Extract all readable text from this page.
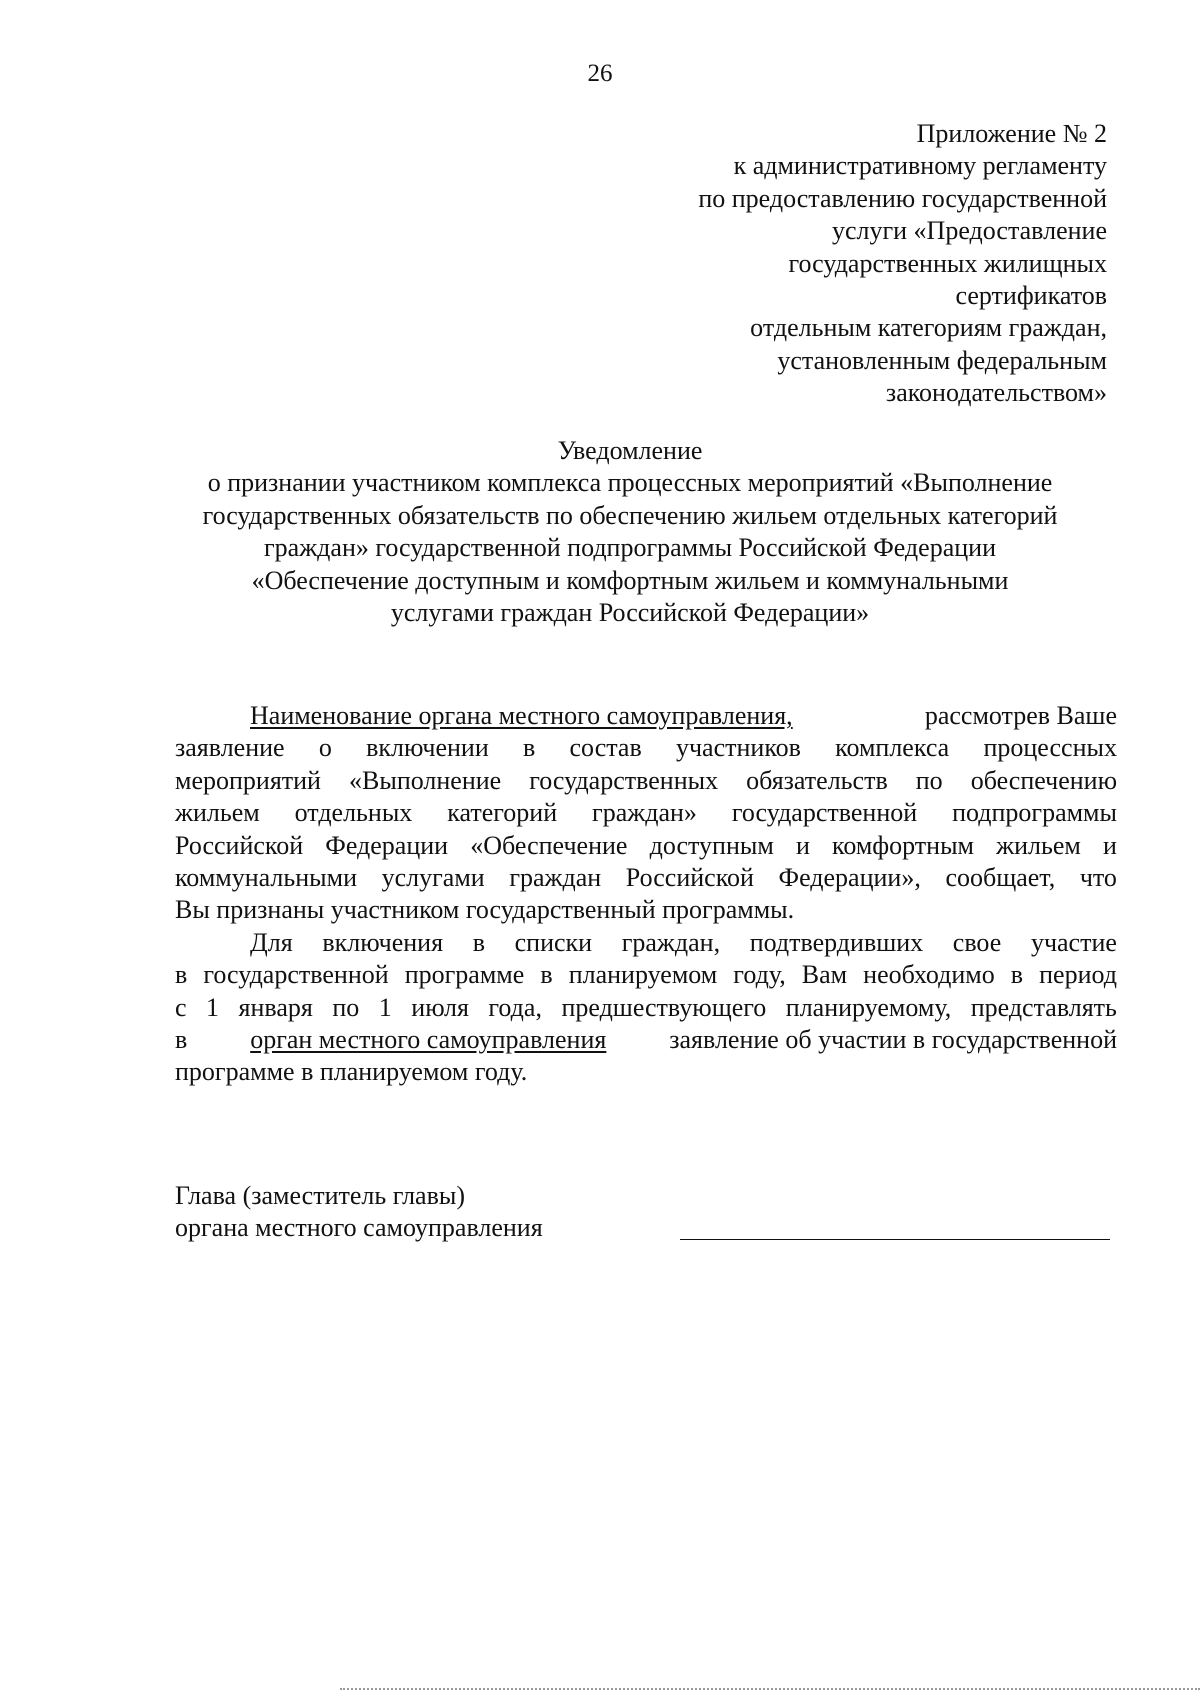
26
Приложение № 2
к административному регламенту
по предоставлению государственной
услуги «Предоставление
государственных жилищных
сертификатов
отдельным категориям граждан,
установленным федеральным
законодательством»
Уведомление
о признании участником комплекса процессных мероприятий «Выполнение
государственных обязательств по обеспечению жильем отдельных категорий
граждан» государственной подпрограммы Российской Федерации
«Обеспечение доступным и комфортным жильем и коммунальными
услугами граждан Российской Федерации»
Наименование органа местного самоуправления,	рассмотрев Ваше
заявление о включении в состав участников комплекса процессных
мероприятий «Выполнение государственных обязательств по обеспечению
жильем отдельных категорий граждан» государственной подпрограммы
Российской Федерации «Обеспечение доступным и комфортным жильем и
коммунальными услугами граждан Российской Федерации», сообщает, что
Вы признаны участником государственный программы.
Для включения в списки граждан, подтвердивших свое участие
в государственной программе в планируемом году, Вам необходимо в период
с 1 января по 1 июля года, предшествующего планируемому, представлять
в орган местного самоуправления заявление об участии в государственной
программе в планируемом году.
Глава (заместитель главы)
органа местного самоуправления
